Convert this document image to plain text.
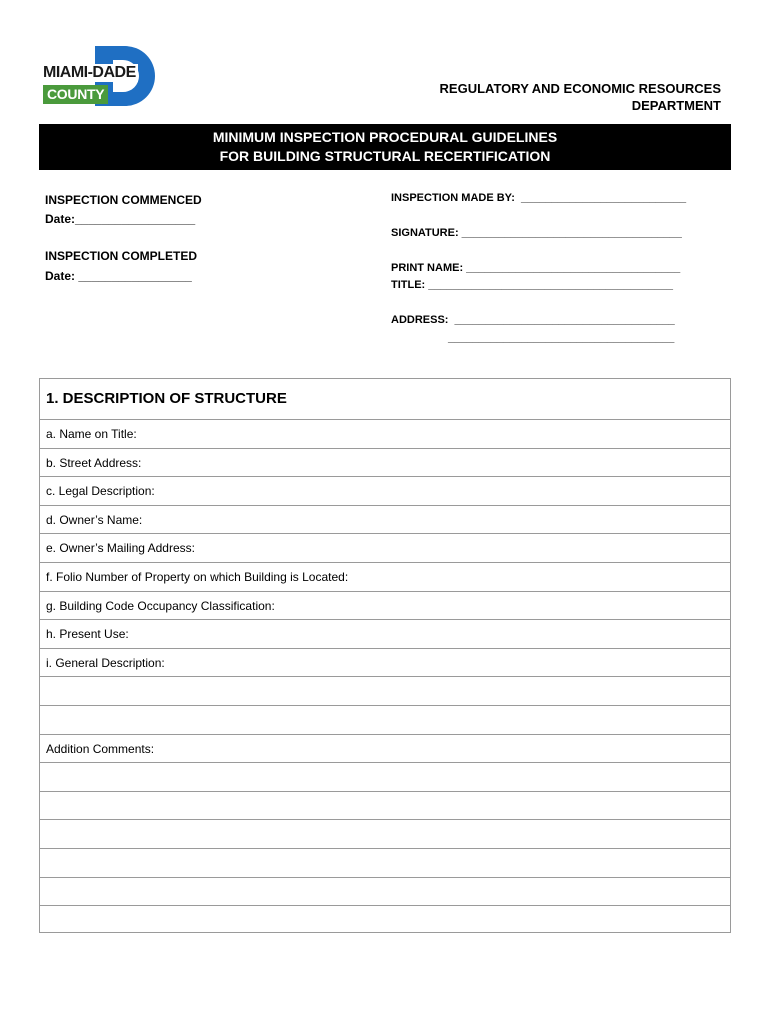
MIAMI-DADE
COUNTY	REGULATORY AND ECONOMIC RESOURCES
DEPARTMENT
MINIMUM INSPECTION PROCEDURAL GUIDELINES
FOR BUILDING STRUCTURAL RECERTIFICATION
INSPECTION COMMENCED
Date:__________________
INSPECTION COMPLETED
Date: _________________
INSPECTION MADE BY:  ___________________________
SIGNATURE: ____________________________________
PRINT NAME: ___________________________________
TITLE: ________________________________________
ADDRESS:  ____________________________________
_____________________________________
1. DESCRIPTION OF STRUCTURE
a. Name on Title:
b. Street Address:
c. Legal Description:
d. Owner’s Name:
e. Owner’s Mailing Address:
f. Folio Number of Property on which Building is Located:
g. Building Code Occupancy Classification:
h. Present Use:
i. General Description:
Addition Comments:
